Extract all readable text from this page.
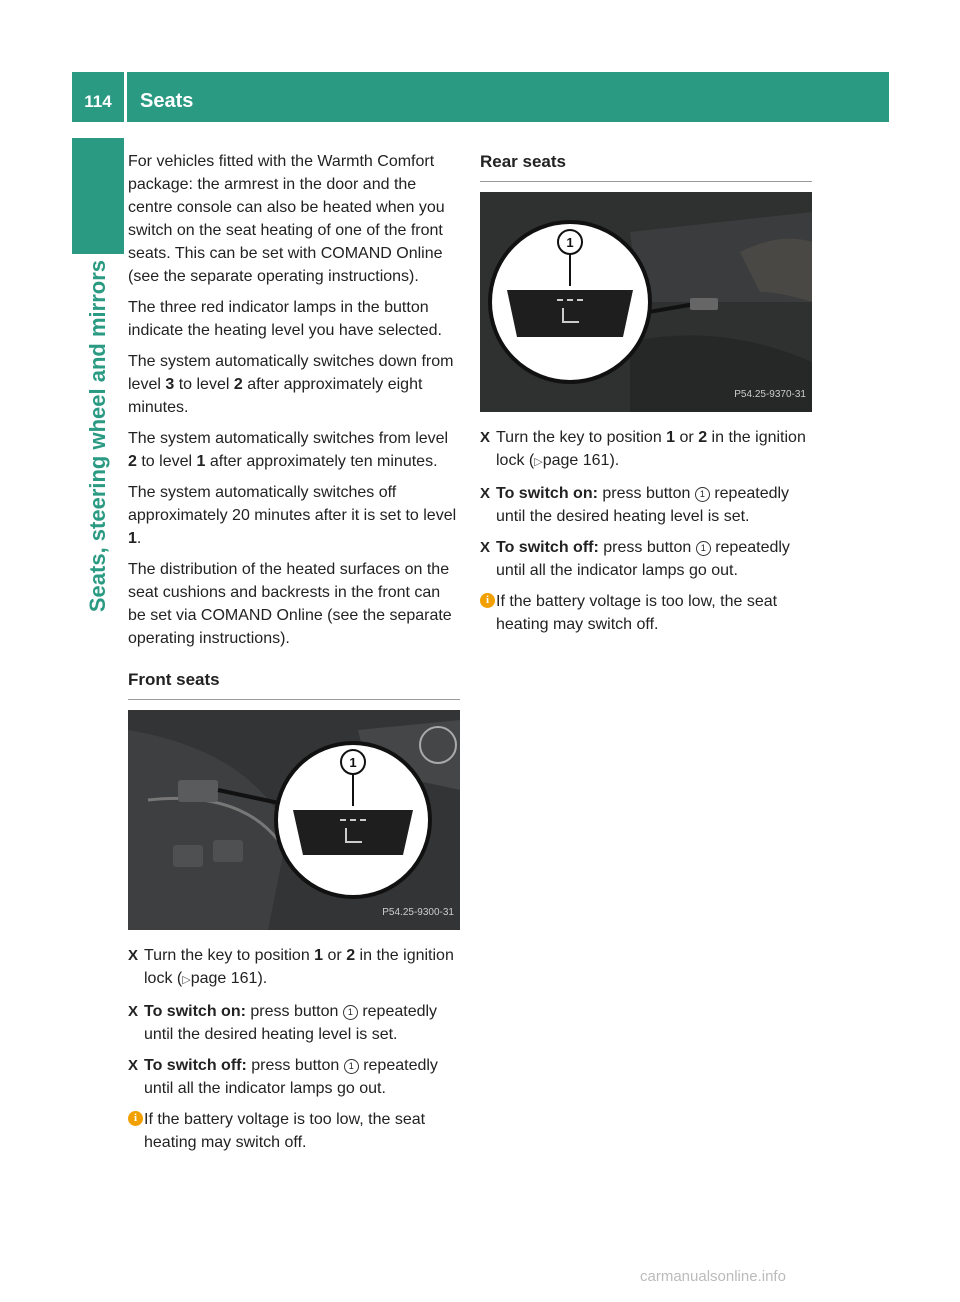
114	Seats
Seats, steering wheel and mirrors

For vehicles fitted with the Warmth Comfort package: the armrest in the door and the centre console can also be heated when you switch on the seat heating of one of the front seats. This can be set with COMAND Online (see the separate operating instructions).

The three red indicator lamps in the button indicate the heating level you have selected.

The system automatically switches down from level 3 to level 2 after approximately eight minutes.

The system automatically switches from level 2 to level 1 after approximately ten minutes.

The system automatically switches off approximately 20 minutes after it is set to level 1.

The distribution of the heated surfaces on the seat cushions and backrests in the front can be set via COMAND Online (see the separate operating instructions).

Front seats
1
P54.25-9300-31
X Turn the key to position 1 or 2 in the ignition lock (▷page 161).
X To switch on: press button 1 repeatedly until the desired heating level is set.
X To switch off: press button 1 repeatedly until all the indicator lamps go out.

i If the battery voltage is too low, the seat heating may switch off.

Rear seats
1
P54.25-9370-31
X Turn the key to position 1 or 2 in the ignition lock (▷page 161).
X To switch on: press button 1 repeatedly until the desired heating level is set.
X To switch off: press button 1 repeatedly until all the indicator lamps go out.

i If the battery voltage is too low, the seat heating may switch off.

carmanualsonline.info
